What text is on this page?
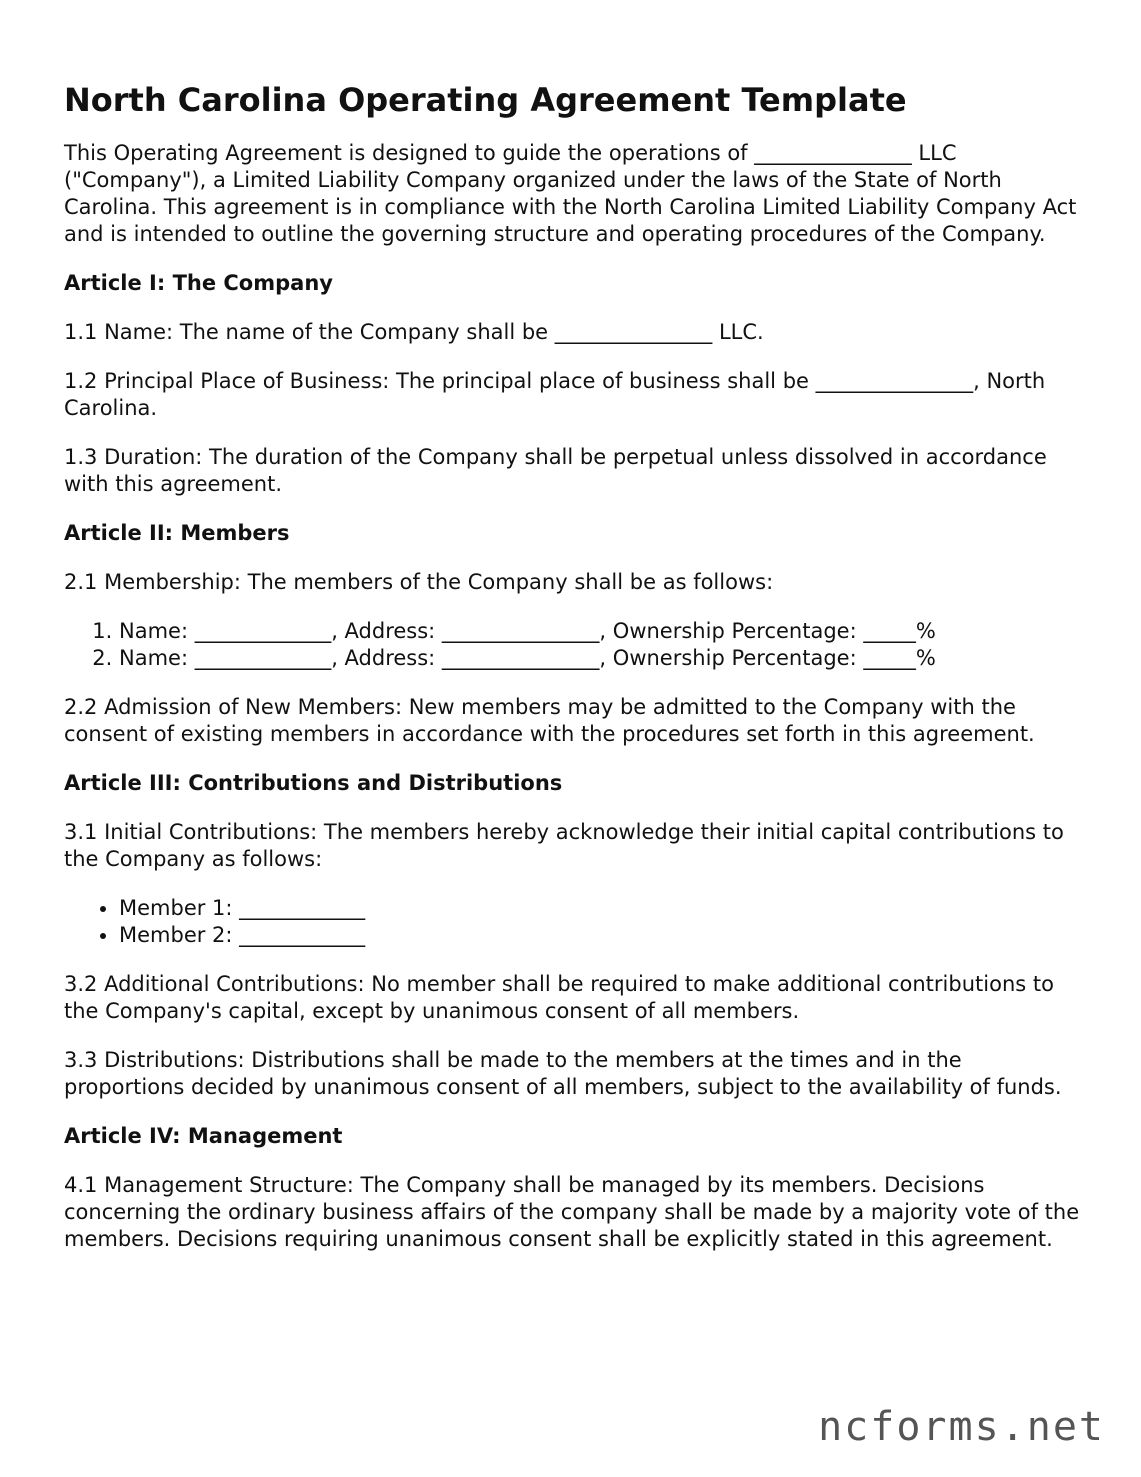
North Carolina Operating Agreement Template

This Operating Agreement is designed to guide the operations of _______________ LLC ("Company"), a Limited Liability Company organized under the laws of the State of North Carolina. This agreement is in compliance with the North Carolina Limited Liability Company Act and is intended to outline the governing structure and operating procedures of the Company.

Article I: The Company

1.1 Name: The name of the Company shall be _______________ LLC.

1.2 Principal Place of Business: The principal place of business shall be _______________, North Carolina.

1.3 Duration: The duration of the Company shall be perpetual unless dissolved in accordance with this agreement.

Article II: Members

2.1 Membership: The members of the Company shall be as follows:

1. Name: _____________, Address: _______________, Ownership Percentage: _____%
2. Name: _____________, Address: _______________, Ownership Percentage: _____%

2.2 Admission of New Members: New members may be admitted to the Company with the consent of existing members in accordance with the procedures set forth in this agreement.

Article III: Contributions and Distributions

3.1 Initial Contributions: The members hereby acknowledge their initial capital contributions to the Company as follows:

• Member 1: ____________
• Member 2: ____________

3.2 Additional Contributions: No member shall be required to make additional contributions to the Company's capital, except by unanimous consent of all members.

3.3 Distributions: Distributions shall be made to the members at the times and in the proportions decided by unanimous consent of all members, subject to the availability of funds.

Article IV: Management

4.1 Management Structure: The Company shall be managed by its members. Decisions concerning the ordinary business affairs of the company shall be made by a majority vote of the members. Decisions requiring unanimous consent shall be explicitly stated in this agreement.

ncforms.net
